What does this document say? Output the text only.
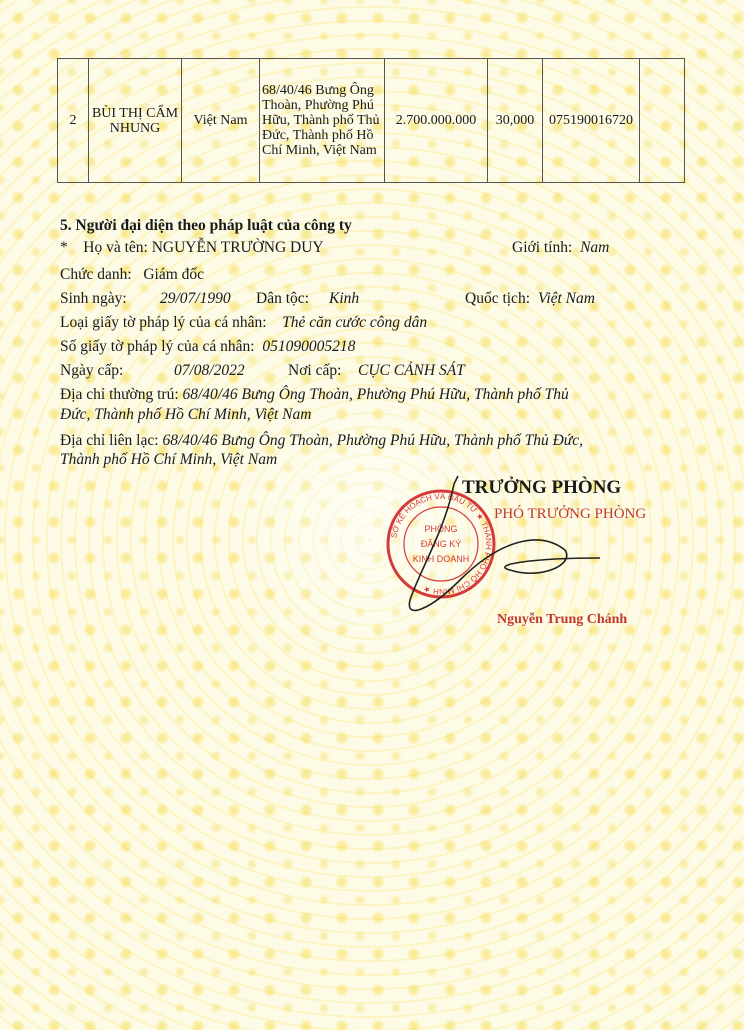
2	BÙI THỊ CẨM NHUNG	Việt Nam	68/40/46 Bưng Ông Thoàn, Phường Phú Hữu, Thành phố Thủ Đức, Thành phố Hồ Chí Minh, Việt Nam	2.700.000.000	30,000	075190016720	
5. Người đại diện theo pháp luật của công ty
* Họ và tên: NGUYỄN TRƯỜNG DUY	Giới tính: Nam
Chức danh: Giám đốc
Sinh ngày: 29/07/1990 Dân tộc: Kinh	Quốc tịch: Việt Nam
Loại giấy tờ pháp lý của cá nhân: Thẻ căn cước công dân
Số giấy tờ pháp lý của cá nhân: 051090005218
Ngày cấp:	07/08/2022	Nơi cấp: CỤC CẢNH SÁT
Địa chỉ thường trú: 68/40/46 Bưng Ông Thoàn, Phường Phú Hữu, Thành phố Thủ
Đức, Thành phố Hồ Chí Minh, Việt Nam
Địa chỉ liên lạc: 68/40/46 Bưng Ông Thoàn, Phường Phú Hữu, Thành phố Thủ Đức,
Thành phố Hồ Chí Minh, Việt Nam
TRƯỞNG PHÒNG
PHÓ TRƯỞNG PHÒNG
SỞ KẾ HOẠCH VÀ ĐẦU TƯ ★ THÀNH PHỐ HỒ CHÍ MINH ★
PHÒNG
ĐĂNG KÝ
KINH DOANH
Nguyễn Trung Chánh
